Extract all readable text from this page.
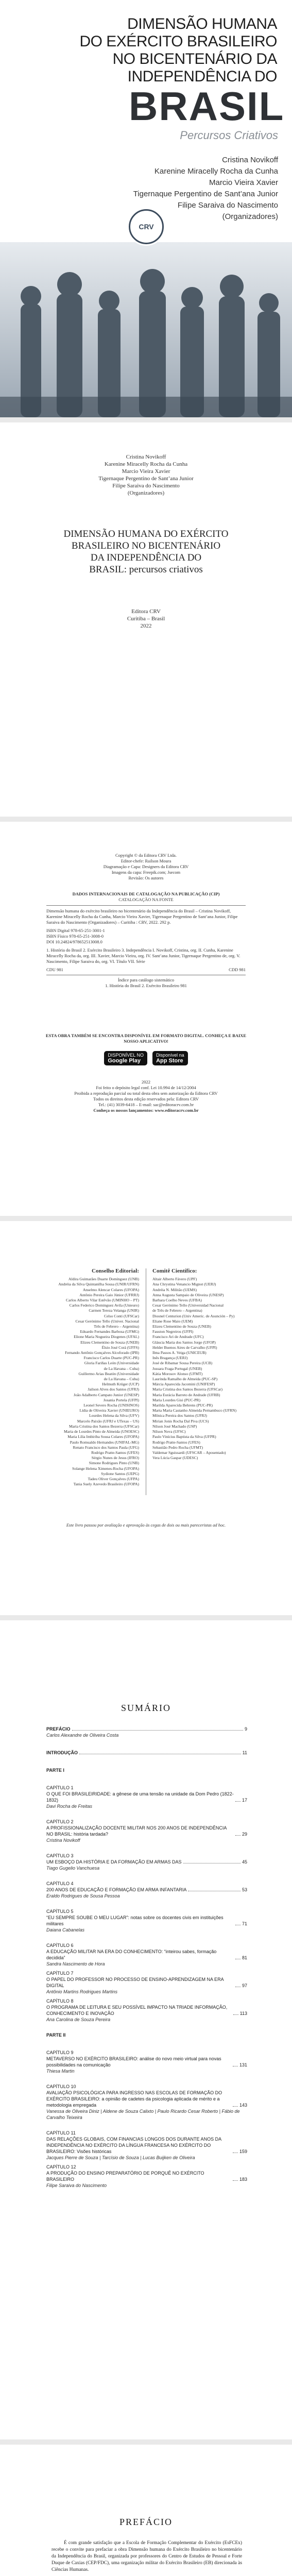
DIMENSÃO HUMANA
DO EXÉRCITO BRASILEIRO
NO BICENTENÁRIO DA
INDEPENDÊNCIA DO
BRASIL
Percursos Criativos
Cristina Novikoff
Karenine Miracelly Rocha da Cunha
Marcio Vieira Xavier
Tigernaque Pergentino de Sant’ana Junior
Filipe Saraiva do Nascimento
(Organizadores)
CRV
Cristina Novikoff
Karenine Miracelly Rocha da Cunha
Marcio Vieira Xavier
Tigernaque Pergentino de Sant’ana Junior
Filipe Saraiva do Nascimento
(Organizadores)
DIMENSÃO HUMANA DO EXÉRCITO
BRASILEIRO NO BICENTENÁRIO
DA INDEPENDÊNCIA DO
BRASIL: percursos criativos
Editora CRV
Curitiba – Brasil
2022
Copyright © da Editora CRV Ltda.
Editor-chefe: Railson Moura
Diagramação e Capa: Designers da Editora CRV
Imagens da capa: Freepik.com; Jsecom
Revisão: Os autores
DADOS INTERNACIONAIS DE CATALOGAÇÃO NA PUBLICAÇÃO (CIP)
CATALOGAÇÃO NA FONTE
Dimensão humana do exército brasileiro no bicentenário da Independência do Brasil – Cristina Novikoff, Karenine Miracelly Rocha da Cunha, Marcio Vieira Xavier, Tigernaque Pergentino de Sant’ana Junior, Filipe Saraiva do Nascimento (Organizadores) – Curitiba : CRV, 2022. 292 p.
ISBN Digital 978-65-251-3001-1
ISBN Físico 978-65-251-3008-0
DOI 10.24824/978652513008.0
1. História do Brasil 2. Exército Brasileiro 3. Independência I. Novikoff, Cristina, org. II. Cunha, Karenine Miracelly Rocha da, org. III. Xavier, Marcio Vieira, org. IV. Sant’ana Junior, Tigernaque Pergentino de, org. V. Nascimento, Filipe Saraiva do, org. VI. Título VII. Série
CDU 981	CDD 981
Índice para catálogo sistemático
1. História do Brasil 2. Exército Brasileiro 981
ESTA OBRA TAMBÉM SE ENCONTRA DISPONÍVEL EM FORMATO DIGITAL. CONHEÇA E BAIXE NOSSO APLICATIVO!
DISPONÍVEL NO
Google Play
Disponível na
App Store
2022
Foi feito o depósito legal conf. Lei 10.994 de 14/12/2004
Proibida a reprodução parcial ou total desta obra sem autorização da Editora CRV
Todos os direitos desta edição reservados pela: Editora CRV
Tel.: (41) 3039-6418 – E-mail: sac@editoracrv.com.br
Conheça os nossos lançamentos: www.editoracrv.com.br
Conselho Editorial:
Aldira Guimarães Duarte Domínguez (UNB)
Andréia da Silva Quintanilha Sousa (UNIR/UFRN)
Anselmo Alencar Colares (UFOPA)
Antônio Pereira Gaio Júnior (UFRRJ)
Carlos Alberto Vilar Estêvão (UMINHO – PT)
Carlos Federico Dominguez Avila (Unieuro)
Carmen Tereza Velanga (UNIR)
Celso Conti (UFSCar)
Cesar Gerónimo Tello (Univer. Nacional
Três de Febrero – Argentina)
Eduardo Fernandes Barbosa (UFMG)
Elione Maria Nogueira Diogenes (UFAL)
Elizeu Clementino de Souza (UNEB)
Élsio José Corá (UFFS)
Fernando Antônio Gonçalves Alcoforado (IPB)
Francisco Carlos Duarte (PUC-PR)
Gloria Fariñas León (Universidade
de La Havana – Cuba)
Guillermo Arias Beatón (Universidade
de La Havana – Cuba)
Helmuth Krüger (UCP)
Jailson Alves dos Santos (UFRJ)
João Adalberto Campato Junior (UNESP)
Josania Portela (UFPI)
Leonel Severo Rocha (UNISINOS)
Lídia de Oliveira Xavier (UNIEURO)
Lourdes Helena da Silva (UFV)
Marcelo Paixão (UFRJ e UTexas – US)
Maria Cristina dos Santos Bezerra (UFSCar)
Maria de Lourdes Pinto de Almeida (UNOESC)
Maria Lília Imbiriba Sousa Colares (UFOPA)
Paulo Romualdo Hernandes (UNIFAL-MG)
Renato Francisco dos Santos Paula (UFG)
Rodrigo Pratte-Santos (UFES)
Sérgio Nunes de Jesus (IFRO)
Simone Rodrigues Pinto (UNB)
Solange Helena Ximenes-Rocha (UFOPA)
Sydione Santos (UEPG)
Tadeu Oliver Gonçalves (UFPA)
Tania Suely Azevedo Brasileiro (UFOPA)
Comitê Científico:
Altair Alberto Fávero (UPF)
Ana Chrystina Venancio Mignot (UERJ)
Andréia N. Militão (UEMS)
Anna Augusta Sampaio de Oliveira (UNESP)
Barbara Coelho Neves (UFBA)
Cesar Gerónimo Tello (Universidad Nacional
de Três de Febrero – Argentina)
Diosnel Centurion (Univ Americ. de Asunción – Py)
Eliane Rose Maio (UEM)
Elizeu Clementino de Souza (UNEB)
Fauston Negreiros (UFPI)
Francisco Ari de Andrade (UFC)
Gláucia Maria dos Santos Jorge (UFOP)
Helder Buenos Aires de Carvalho (UFPI)
Ilma Passos A. Veiga (UNICEUB)
Inês Bragança (UERJ)
José de Ribamar Sousa Pereira (UCB)
Jussara Fraga Portugal (UNEB)
Kátia Morosov Alonso (UFMT)
Laurinda Ramalho de Almeida (PUC-SP)
Márcia Aparecida Jacomini (UNIFESP)
Maria Cristina dos Santos Bezerra (UFSCar)
Maria Eurácia Barreto de Andrade (UFRB)
Maria Lourdes Gisi (PUC-PR)
Marilda Aparecida Behrens (PUC-PR)
Marta Maria Castanho Almeida Pernambuco (UFRN)
Mônica Pereira dos Santos (UFRJ)
Mirian Jonis Rocha Dal Piva (UCS)
Nilson José Machado (USP)
Nilson Nova (UFSC)
Paulo Vinícius Baptista da Silva (UFPR)
Rodrigo Pratte-Santos (UFES)
Sebastião Pedro Rocha (UFMT)
Valdemar Sguissardi (UFSCAR – Aposentado)
Vera Lúcia Gaspar (UDESC)
Este livro passou por avaliação e aprovação às cegas de dois ou mais pareceristas ad hoc.
SUMÁRIO
PREFÁCIO	9
Carlos Alexandre de Oliveira Costa
INTRODUÇÃO	11
PARTE I
CAPÍTULO 1
O QUE FOI BRASILEIRIDADE: a gênese de uma tensão na unidade da Dom Pedro (1822-1832)	17
Davi Rocha de Freitas
CAPÍTULO 2
A PROFISSIONALIZAÇÃO DOCENTE MILITAR NOS 200 ANOS DE INDEPENDÊNCIA NO BRASIL: história tardada?	29
Cristina Novikoff
CAPÍTULO 3
UM ESBOÇO DA HISTÓRIA E DA FORMAÇÃO EM ARMAS DAS	45
Tiago Gugelio Vanchuesa
CAPÍTULO 4
200 ANOS DE EDUCAÇÃO E FORMAÇÃO EM ARMA INFANTARIA	53
Eraldo Rodrigues de Sousa Pessoa
CAPÍTULO 5
“EU SEMPRE SOUBE O MEU LUGAR”: notas sobre os docentes civis em instituições militares	71
Daiana Cabanelas
CAPÍTULO 6
A EDUCAÇÃO MILITAR NA ERA DO CONHECIMENTO: “inteirou sabes, formação decidida”	81
Sandra Nascimento de Hora
CAPÍTULO 7
O PAPEL DO PROFESSOR NO PROCESSO DE ENSINO-APRENDIZAGEM NA ERA DIGITAL	97
Antônio Martins Rodrigues Martins
CAPÍTULO 8
O PROGRAMA DE LEITURA E SEU POSSÍVEL IMPACTO NA TRIADE INFORMAÇÃO, CONHECIMENTO E INOVAÇÃO	113
Ana Carolina de Souza Pereira
PARTE II
CAPÍTULO 9
METAVERSO NO EXÉRCITO BRASILEIRO: análise do novo meio virtual para novas possibilidades na comunicação	131
Thiesa Martin
CAPÍTULO 10
AVALIAÇÃO PSICOLÓGICA PARA INGRESSO NAS ESCOLAS DE FORMAÇÃO DO EXÉRCITO BRASILEIRO: a opinião de cadetes da psicologia aplicada de mérito e a metodologia empregada	143
Vanessa de Oliveira Diniz | Aldene de Souza Calixto | Paulo Ricardo Cesar Roberto | Fábio de Carvalho Teixeira
CAPÍTULO 11
DAS RELAÇÕES GLOBAIS, COM FINANCIAS LONGOS DOS DURANTE ANOS DA INDEPENDÊNCIA NO EXÉRCITO DA LÍNGUA FRANCESA NO EXÉRCITO DO BRASILEIRO: Visões históricas	159
Jacques Pierre de Souza | Tarcísio de Souza | Lucas Buijken de Oliveira
CAPÍTULO 12
A PRODUÇÃO DO ENSINO PREPARATÓRIO DE PORQUÊ NO EXÉRCITO BRASILEIRO	183
Filipe Saraiva do Nascimento
PREFÁCIO

É com grande satisfação que a Escola de Formação Complementar do Exército (EsFCEx) recebe o convite para prefaciar a obra Dimensão humana do Exército Brasileiro no bicentenário da Independência do Brasil, organizada por professores do Centro de Estudos de Pessoal e Forte Duque de Caxias (CEP/FDC), uma organização militar do Exército Brasileiro (EB) direcionada às Ciências Humanas.
